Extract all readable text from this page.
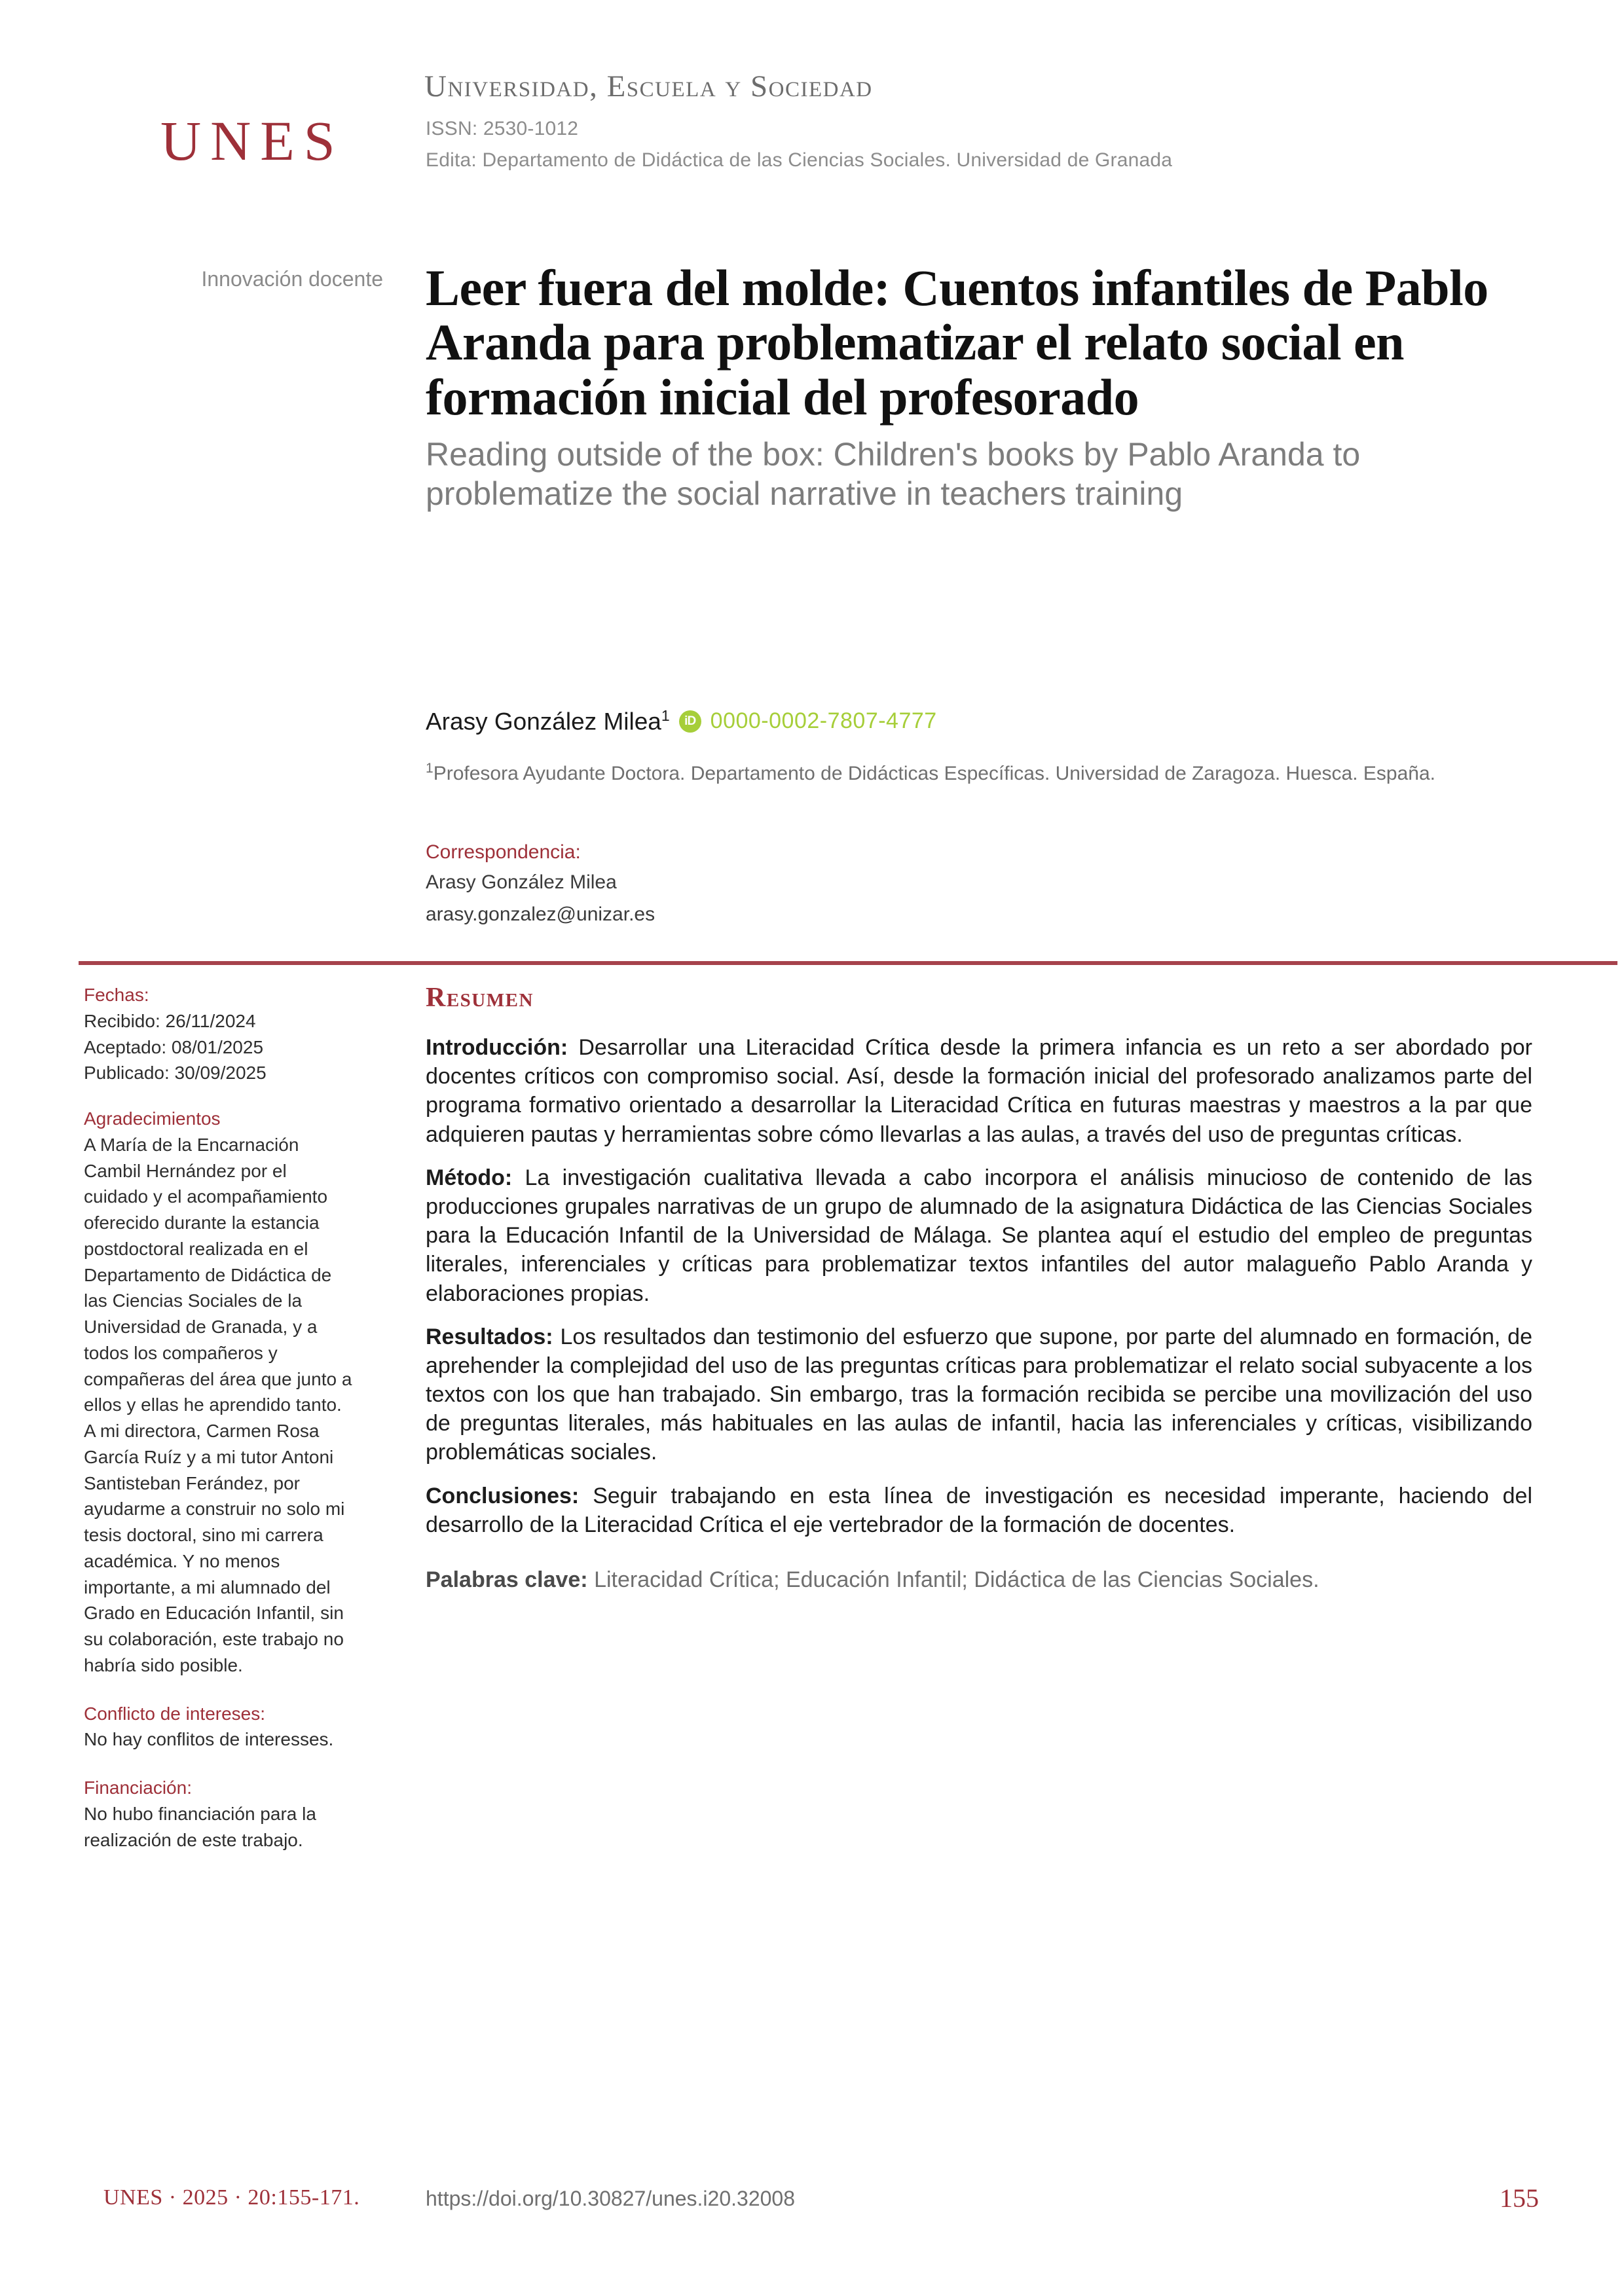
UNES
Universidad, Escuela y Sociedad
ISSN: 2530-1012
Edita: Departamento de Didáctica de las Ciencias Sociales. Universidad de Granada
Innovación docente Leer fuera del molde: Cuentos infantiles de Pablo Aranda para problematizar el relato social en formación inicial del profesorado
Reading outside of the box: Children's books by Pablo Aranda to problematize the social narrative in teachers training
Arasy González Milea$^1$	iD 0000-0002-7807-4777
$^1$Profesora Ayudante Doctora. Departamento de Didácticas Específicas. Universidad de Zaragoza. Huesca. España.
Correspondencia:
Arasy González Milea
arasy.gonzalez@unizar.es

Fechas:

Recibido: 26/11/2024

Aceptado: 08/01/2025

Publicado: 30/09/2025

Agradecimientos

A María de la Encarnación Cambil Hernández por el cuidado y el acompañamiento oferecido durante la estancia postdoctoral realizada en el Departamento de Didáctica de las Ciencias Sociales de la Universidad de Granada, y a todos los compañeros y compañeras del área que junto a ellos y ellas he aprendido tanto.

A mi directora, Carmen Rosa García Ruíz y a mi tutor Antoni Santisteban Ferández, por ayudarme a construir no solo mi tesis doctoral, sino mi carrera académica. Y no menos importante, a mi alumnado del Grado en Educación Infantil, sin su colaboración, este trabajo no habría sido posible.

Conflicto de intereses:

No hay conflitos de interesses.

Financiación:

No hubo financiación para la realización de este trabajo.

Resumen

Introducción: Desarrollar una Literacidad Crítica desde la primera infancia es un reto a ser abordado por docentes críticos con compromiso social. Así, desde la formación inicial del profesorado analizamos parte del programa formativo orientado a desarrollar la Literacidad Crítica en futuras maestras y maestros a la par que adquieren pautas y herramientas sobre cómo llevarlas a las aulas, a través del uso de preguntas críticas.

Método: La investigación cualitativa llevada a cabo incorpora el análisis minucioso de contenido de las producciones grupales narrativas de un grupo de alumnado de la asignatura Didáctica de las Ciencias Sociales para la Educación Infantil de la Universidad de Málaga. Se plantea aquí el estudio del empleo de preguntas literales, inferenciales y críticas para problematizar textos infantiles del autor malagueño Pablo Aranda y elaboraciones propias.

Resultados: Los resultados dan testimonio del esfuerzo que supone, por parte del alumnado en formación, de aprehender la complejidad del uso de las preguntas críticas para problematizar el relato social subyacente a los textos con los que han trabajado. Sin embargo, tras la formación recibida se percibe una movilización del uso de preguntas literales, más habituales en las aulas de infantil, hacia las inferenciales y críticas, visibilizando problemáticas sociales.

Conclusiones: Seguir trabajando en esta línea de investigación es necesidad imperante, haciendo del desarrollo de la Literacidad Crítica el eje vertebrador de la formación de docentes.

Palabras clave: Literacidad Crítica; Educación Infantil; Didáctica de las Ciencias Sociales.

UNES · 2025 · 20:155-171.	https://doi.org/10.30827/unes.i20.32008	155
